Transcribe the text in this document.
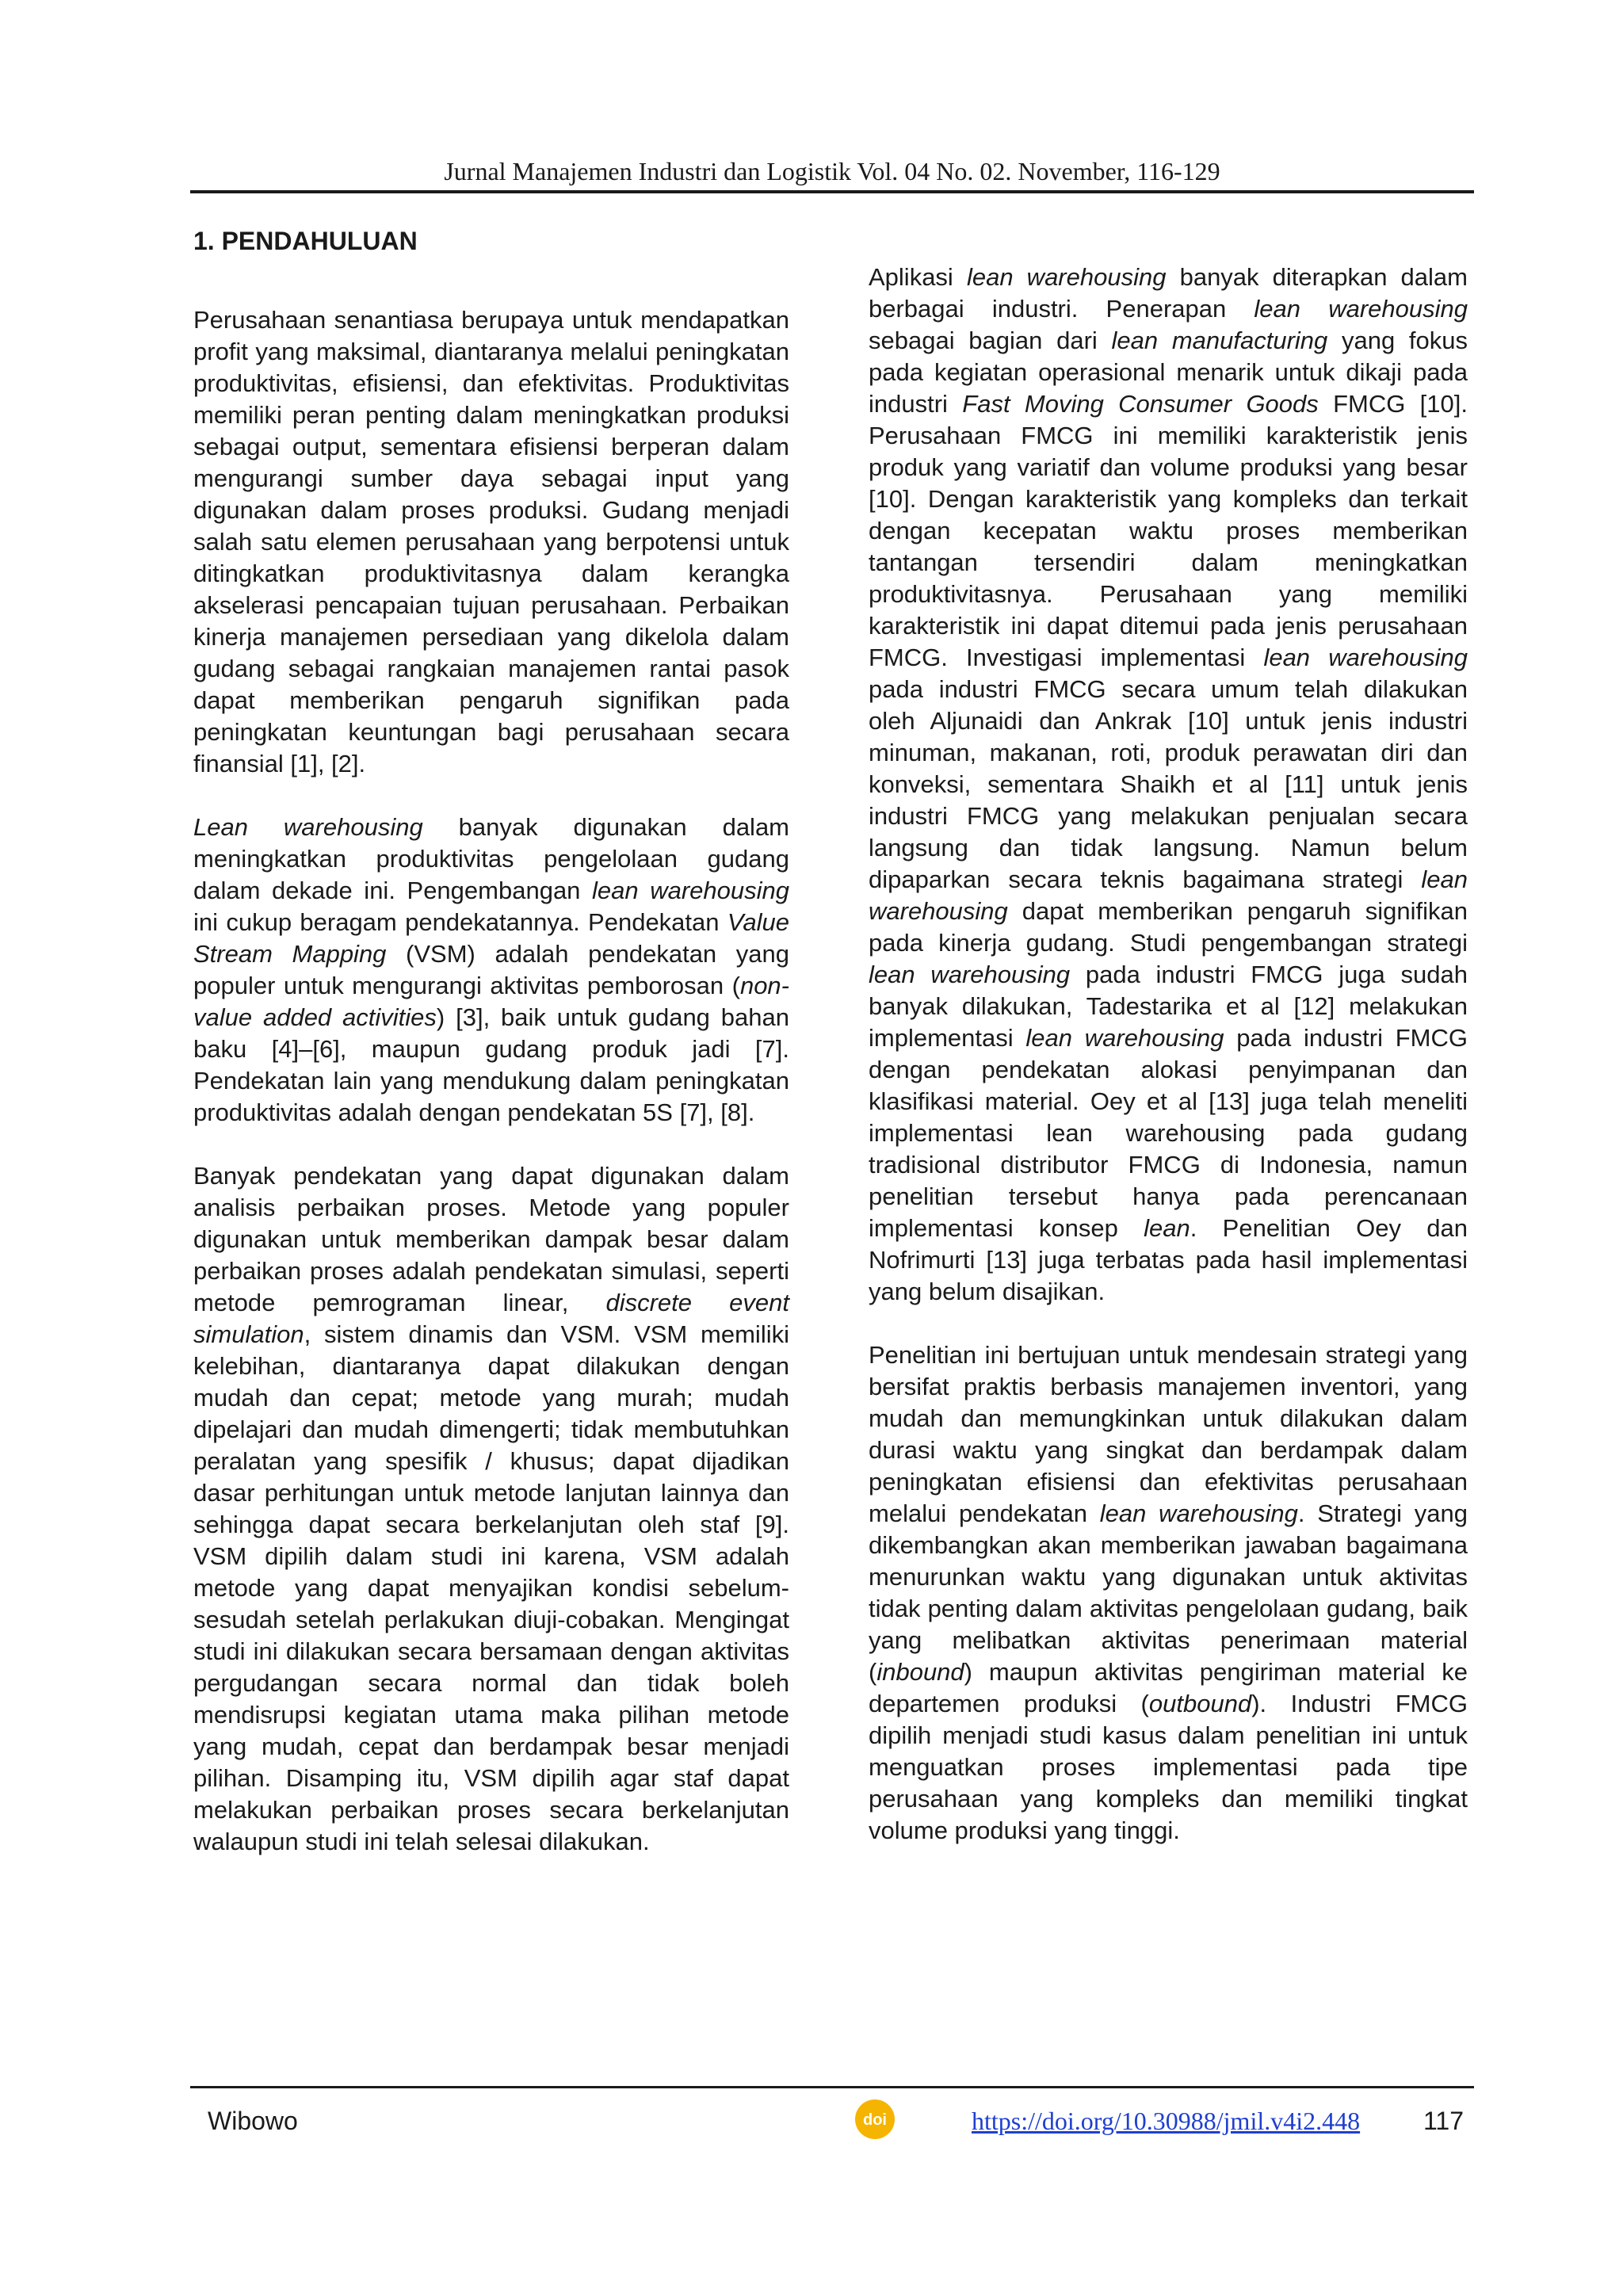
Jurnal Manajemen Industri dan Logistik Vol. 04 No. 02. November, 116-129
1. PENDAHULUAN

Perusahaan senantiasa berupaya untuk mendapatkan profit yang maksimal, diantaranya melalui peningkatan produktivitas, efisiensi, dan efektivitas. Produktivitas memiliki peran penting dalam meningkatkan produksi sebagai output, sementara efisiensi berperan dalam mengurangi sumber daya sebagai input yang digunakan dalam proses produksi. Gudang menjadi salah satu elemen perusahaan yang berpotensi untuk ditingkatkan produktivitasnya dalam kerangka akselerasi pencapaian tujuan perusahaan. Perbaikan kinerja manajemen persediaan yang dikelola dalam gudang sebagai rangkaian manajemen rantai pasok dapat memberikan pengaruh signifikan pada peningkatan keuntungan bagi perusahaan secara finansial [1], [2].

Lean warehousing banyak digunakan dalam meningkatkan produktivitas pengelolaan gudang dalam dekade ini. Pengembangan lean warehousing ini cukup beragam pendekatannya. Pendekatan Value Stream Mapping (VSM) adalah pendekatan yang populer untuk mengurangi aktivitas pemborosan (non-value added activities) [3], baik untuk gudang bahan baku [4]–[6], maupun gudang produk jadi [7]. Pendekatan lain yang mendukung dalam peningkatan produktivitas adalah dengan pendekatan 5S [7], [8].

Banyak pendekatan yang dapat digunakan dalam analisis perbaikan proses. Metode yang populer digunakan untuk memberikan dampak besar dalam perbaikan proses adalah pendekatan simulasi, seperti metode pemrograman linear, discrete event simulation, sistem dinamis dan VSM. VSM memiliki kelebihan, diantaranya dapat dilakukan dengan mudah dan cepat; metode yang murah; mudah dipelajari dan mudah dimengerti; tidak membutuhkan peralatan yang spesifik / khusus; dapat dijadikan dasar perhitungan untuk metode lanjutan lainnya dan sehingga dapat secara berkelanjutan oleh staf [9]. VSM dipilih dalam studi ini karena, VSM adalah metode yang dapat menyajikan kondisi sebelum-sesudah setelah perlakukan diuji-cobakan. Mengingat studi ini dilakukan secara bersamaan dengan aktivitas pergudangan secara normal dan tidak boleh mendisrupsi kegiatan utama maka pilihan metode yang mudah, cepat dan berdampak besar menjadi pilihan. Disamping itu, VSM dipilih agar staf dapat melakukan perbaikan proses secara berkelanjutan walaupun studi ini telah selesai dilakukan.

Aplikasi lean warehousing banyak diterapkan dalam berbagai industri. Penerapan lean warehousing sebagai bagian dari lean manufacturing yang fokus pada kegiatan operasional menarik untuk dikaji pada industri Fast Moving Consumer Goods FMCG [10]. Perusahaan FMCG ini memiliki karakteristik jenis produk yang variatif dan volume produksi yang besar [10]. Dengan karakteristik yang kompleks dan terkait dengan kecepatan waktu proses memberikan tantangan tersendiri dalam meningkatkan produktivitasnya. Perusahaan yang memiliki karakteristik ini dapat ditemui pada jenis perusahaan FMCG. Investigasi implementasi lean warehousing pada industri FMCG secara umum telah dilakukan oleh Aljunaidi dan Ankrak [10] untuk jenis industri minuman, makanan, roti, produk perawatan diri dan konveksi, sementara Shaikh et al [11] untuk jenis industri FMCG yang melakukan penjualan secara langsung dan tidak langsung. Namun belum dipaparkan secara teknis bagaimana strategi lean warehousing dapat memberikan pengaruh signifikan pada kinerja gudang. Studi pengembangan strategi lean warehousing pada industri FMCG juga sudah banyak dilakukan, Tadestarika et al [12] melakukan implementasi lean warehousing pada industri FMCG dengan pendekatan alokasi penyimpanan dan klasifikasi material. Oey et al [13] juga telah meneliti implementasi lean warehousing pada gudang tradisional distributor FMCG di Indonesia, namun penelitian tersebut hanya pada perencanaan implementasi konsep lean. Penelitian Oey dan Nofrimurti [13] juga terbatas pada hasil implementasi yang belum disajikan.

Penelitian ini bertujuan untuk mendesain strategi yang bersifat praktis berbasis manajemen inventori, yang mudah dan memungkinkan untuk dilakukan dalam durasi waktu yang singkat dan berdampak dalam peningkatan efisiensi dan efektivitas perusahaan melalui pendekatan lean warehousing. Strategi yang dikembangkan akan memberikan jawaban bagaimana menurunkan waktu yang digunakan untuk aktivitas tidak penting dalam aktivitas pengelolaan gudang, baik yang melibatkan aktivitas penerimaan material (inbound) maupun aktivitas pengiriman material ke departemen produksi (outbound). Industri FMCG dipilih menjadi studi kasus dalam penelitian ini untuk menguatkan proses implementasi pada tipe perusahaan yang kompleks dan memiliki tingkat volume produksi yang tinggi.

Wibowo	doi	https://doi.org/10.30988/jmil.v4i2.448 117
